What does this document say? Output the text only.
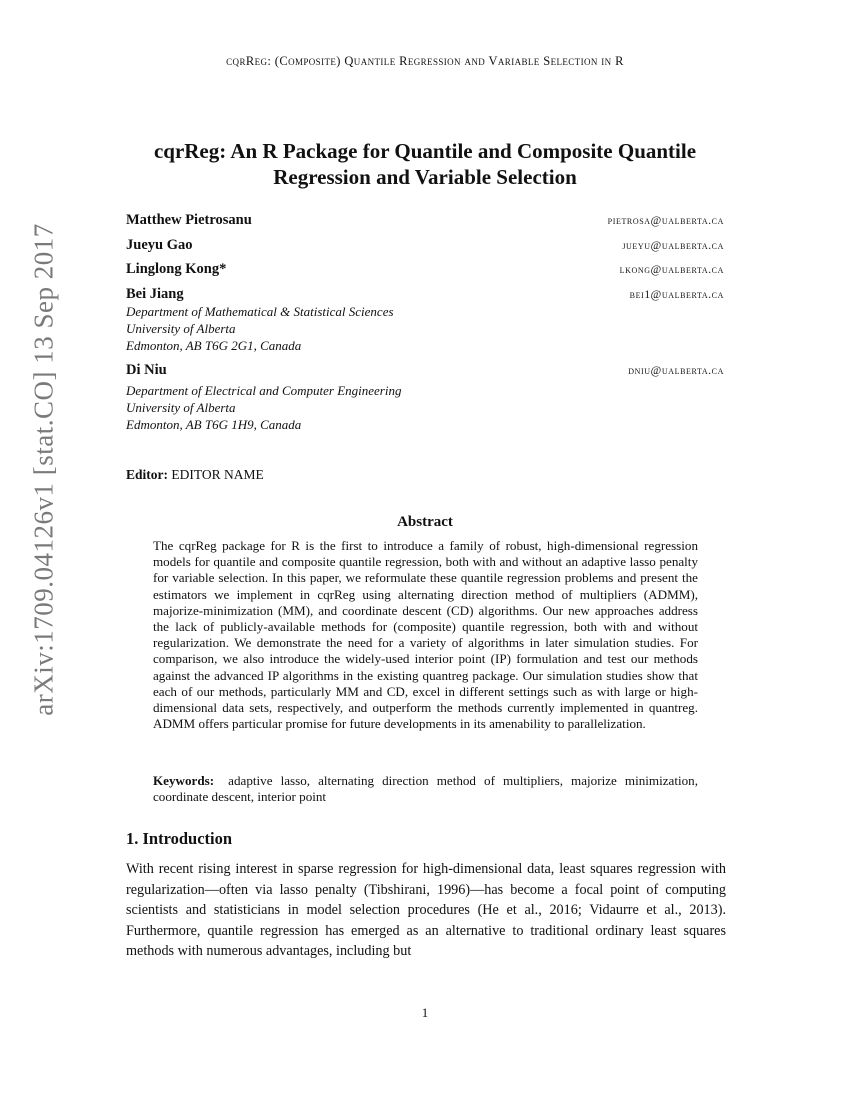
cqrReg: (Composite) Quantile Regression and Variable Selection in R
arXiv:1709.04126v1 [stat.CO] 13 Sep 2017
cqrReg: An R Package for Quantile and Composite Quantile Regression and Variable Selection
Matthew Pietrosanu	pietrosa@ualberta.ca
Jueyu Gao	jueyu@ualberta.ca
Linglong Kong*	lkong@ualberta.ca
Bei Jiang	bei1@ualberta.ca
Department of Mathematical & Statistical Sciences
University of Alberta
Edmonton, AB T6G 2G1, Canada
Di Niu	dniu@ualberta.ca
Department of Electrical and Computer Engineering
University of Alberta
Edmonton, AB T6G 1H9, Canada
Editor: EDITOR NAME
Abstract
The cqrReg package for R is the first to introduce a family of robust, high-dimensional regression models for quantile and composite quantile regression, both with and without an adaptive lasso penalty for variable selection. In this paper, we reformulate these quantile regression problems and present the estimators we implement in cqrReg using alternating direction method of multipliers (ADMM), majorize-minimization (MM), and coordinate descent (CD) algorithms. Our new approaches address the lack of publicly-available methods for (composite) quantile regression, both with and without regularization. We demonstrate the need for a variety of algorithms in later simulation studies. For comparison, we also introduce the widely-used interior point (IP) formulation and test our methods against the advanced IP algorithms in the existing quantreg package. Our simulation studies show that each of our methods, particularly MM and CD, excel in different settings such as with large or high-dimensional data sets, respectively, and outperform the methods currently implemented in quantreg. ADMM offers particular promise for future developments in its amenability to parallelization.
Keywords: adaptive lasso, alternating direction method of multipliers, majorize minimization, coordinate descent, interior point
1. Introduction
With recent rising interest in sparse regression for high-dimensional data, least squares regression with regularization—often via lasso penalty (Tibshirani, 1996)—has become a focal point of computing scientists and statisticians in model selection procedures (He et al., 2016; Vidaurre et al., 2013). Furthermore, quantile regression has emerged as an alternative to traditional ordinary least squares methods with numerous advantages, including but
1
